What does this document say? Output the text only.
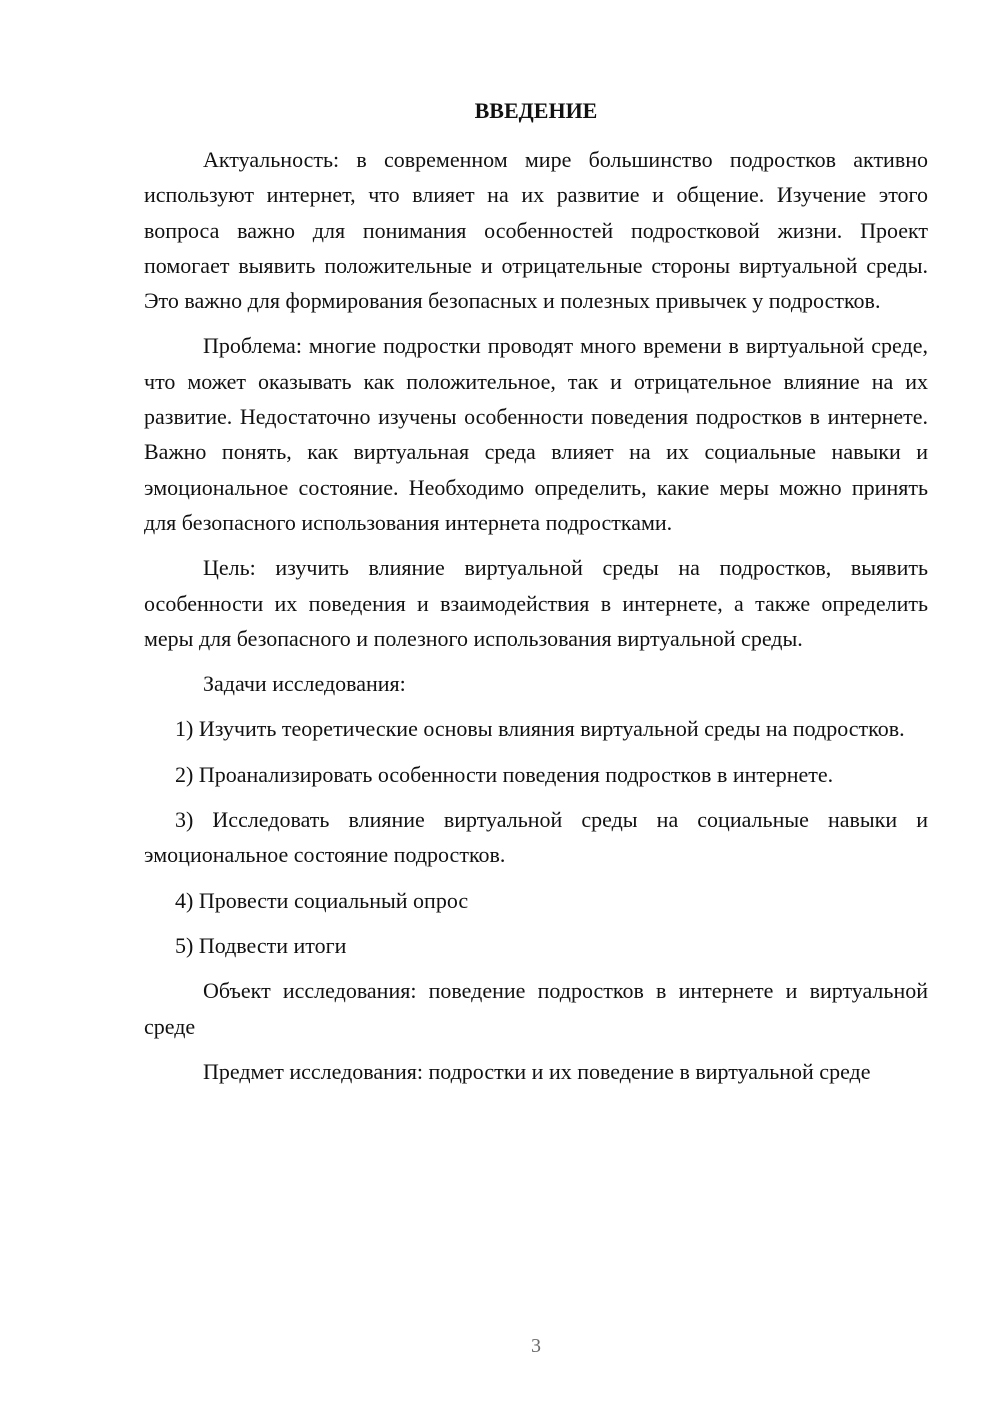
ВВЕДЕНИЕ

Актуальность: в современном мире большинство подростков активно используют интернет, что влияет на их развитие и общение. Изучение этого вопроса важно для понимания особенностей подростковой жизни. Проект помогает выявить положительные и отрицательные стороны виртуальной среды. Это важно для формирования безопасных и полезных привычек у подростков.

Проблема: многие подростки проводят много времени в виртуальной среде, что может оказывать как положительное, так и отрицательное влияние на их развитие. Недостаточно изучены особенности поведения подростков в интернете. Важно понять, как виртуальная среда влияет на их социальные навыки и эмоциональное состояние. Необходимо определить, какие меры можно принять для безопасного использования интернета подростками.

Цель: изучить влияние виртуальной среды на подростков, выявить особенности их поведения и взаимодействия в интернете, а также определить меры для безопасного и полезного использования виртуальной среды.

Задачи исследования:

1) Изучить теоретические основы влияния виртуальной среды на подростков.

2) Проанализировать особенности поведения подростков в интернете.

3) Исследовать влияние виртуальной среды на социальные навыки и эмоциональное состояние подростков.

4) Провести социальный опрос

5) Подвести итоги

Объект исследования: поведение подростков в интернете и виртуальной среде

Предмет исследования: подростки и их поведение в виртуальной среде

3
